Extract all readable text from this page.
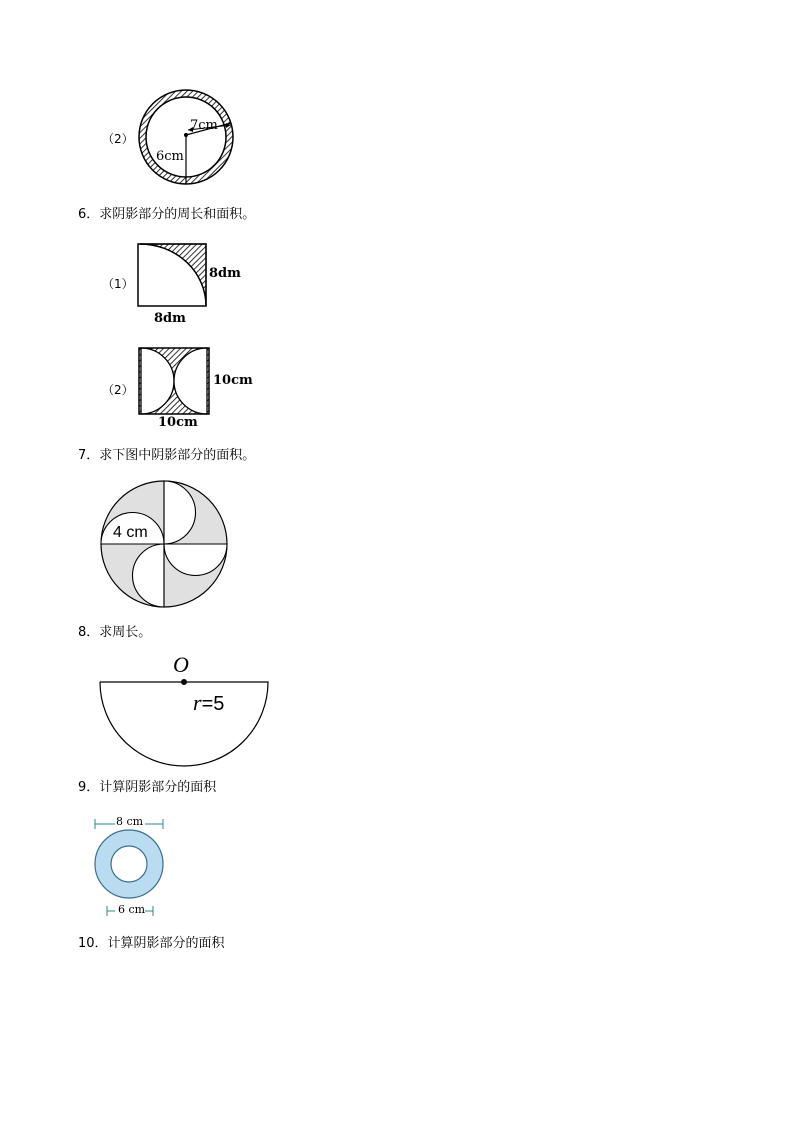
（2）
7cm
6cm
6．求阴影部分的周长和面积。
（1）
8dm
8dm
（2）
10cm
10cm
7．求下图中阴影部分的面积。
4 cm
8．求周长。
O
r=5
9．计算阴影部分的面积
8 cm
6 cm
10．计算阴影部分的面积
